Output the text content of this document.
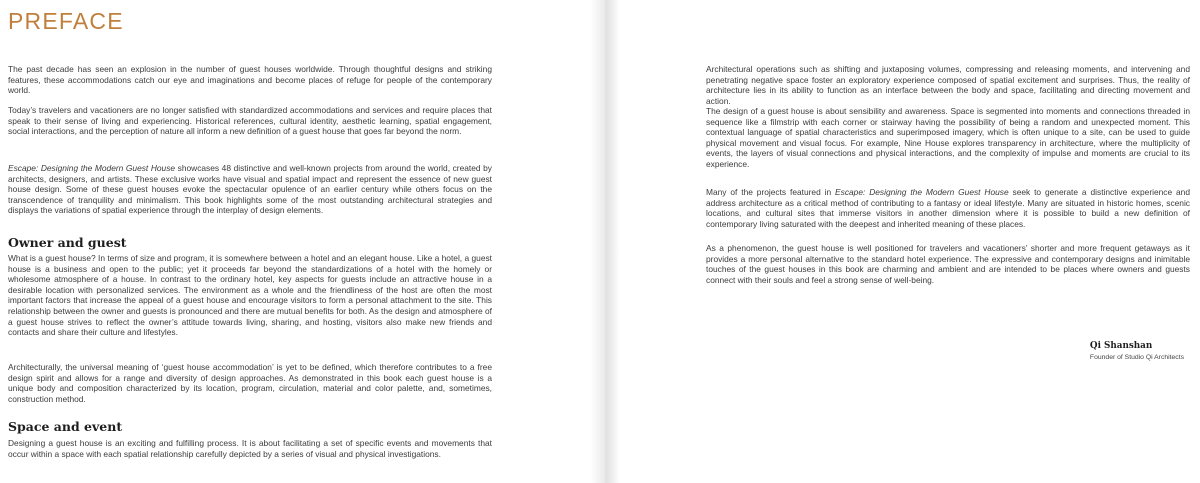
PREFACE

The past decade has seen an explosion in the number of guest houses worldwide. Through thoughtful designs and striking features, these accommodations catch our eye and imaginations and become places of refuge for people of the contemporary world.

Today’s travelers and vacationers are no longer satisfied with standardized accommodations and services and require places that speak to their sense of living and experiencing. Historical references, cultural identity, aesthetic learning, spatial engagement, social interactions, and the perception of nature all inform a new definition of a guest house that goes far beyond the norm.

Escape: Designing the Modern Guest House showcases 48 distinctive and well-known projects from around the world, created by architects, designers, and artists. These exclusive works have visual and spatial impact and represent the essence of new guest house design. Some of these guest houses evoke the spectacular opulence of an earlier century while others focus on the transcendence of tranquility and minimalism. This book highlights some of the most outstanding architectural strategies and displays the variations of spatial experience through the interplay of design elements.

Owner and guest

What is a guest house? In terms of size and program, it is somewhere between a hotel and an elegant house. Like a hotel, a guest house is a business and open to the public; yet it proceeds far beyond the standardizations of a hotel with the homely or wholesome atmosphere of a house. In contrast to the ordinary hotel, key aspects for guests include an attractive house in a desirable location with personalized services. The environment as a whole and the friendliness of the host are often the most important factors that increase the appeal of a guest house and encourage visitors to form a personal attachment to the site. This relationship between the owner and guests is pronounced and there are mutual benefits for both. As the design and atmosphere of a guest house strives to reflect the owner’s attitude towards living, sharing, and hosting, visitors also make new friends and contacts and share their culture and lifestyles.

Architecturally, the universal meaning of ‘guest house accommodation’ is yet to be defined, which therefore contributes to a free design spirit and allows for a range and diversity of design approaches. As demonstrated in this book each guest house is a unique body and composition characterized by its location, program, circulation, material and color palette, and, sometimes, construction method.

Space and event

Designing a guest house is an exciting and fulfilling process. It is about facilitating a set of specific events and movements that occur within a space with each spatial relationship carefully depicted by a series of visual and physical investigations.

Architectural operations such as shifting and juxtaposing volumes, compressing and releasing moments, and intervening and penetrating negative space foster an exploratory experience composed of spatial excitement and surprises. Thus, the reality of architecture lies in its ability to function as an interface between the body and space, facilitating and directing movement and action.

The design of a guest house is about sensibility and awareness. Space is segmented into moments and connections threaded in sequence like a filmstrip with each corner or stairway having the possibility of being a random and unexpected moment. This contextual language of spatial characteristics and superimposed imagery, which is often unique to a site, can be used to guide physical movement and visual focus. For example, Nine House explores transparency in architecture, where the multiplicity of events, the layers of visual connections and physical interactions, and the complexity of impulse and moments are crucial to its experience.

Many of the projects featured in Escape: Designing the Modern Guest House seek to generate a distinctive experience and address architecture as a critical method of contributing to a fantasy or ideal lifestyle. Many are situated in historic homes, scenic locations, and cultural sites that immerse visitors in another dimension where it is possible to build a new definition of contemporary living saturated with the deepest and inherited meaning of these places.

As a phenomenon, the guest house is well positioned for travelers and vacationers’ shorter and more frequent getaways as it provides a more personal alternative to the standard hotel experience. The expressive and contemporary designs and inimitable touches of the guest houses in this book are charming and ambient and are intended to be places where owners and guests connect with their souls and feel a strong sense of well-being.

Qi Shanshan
Founder of Studio Qi Architects
